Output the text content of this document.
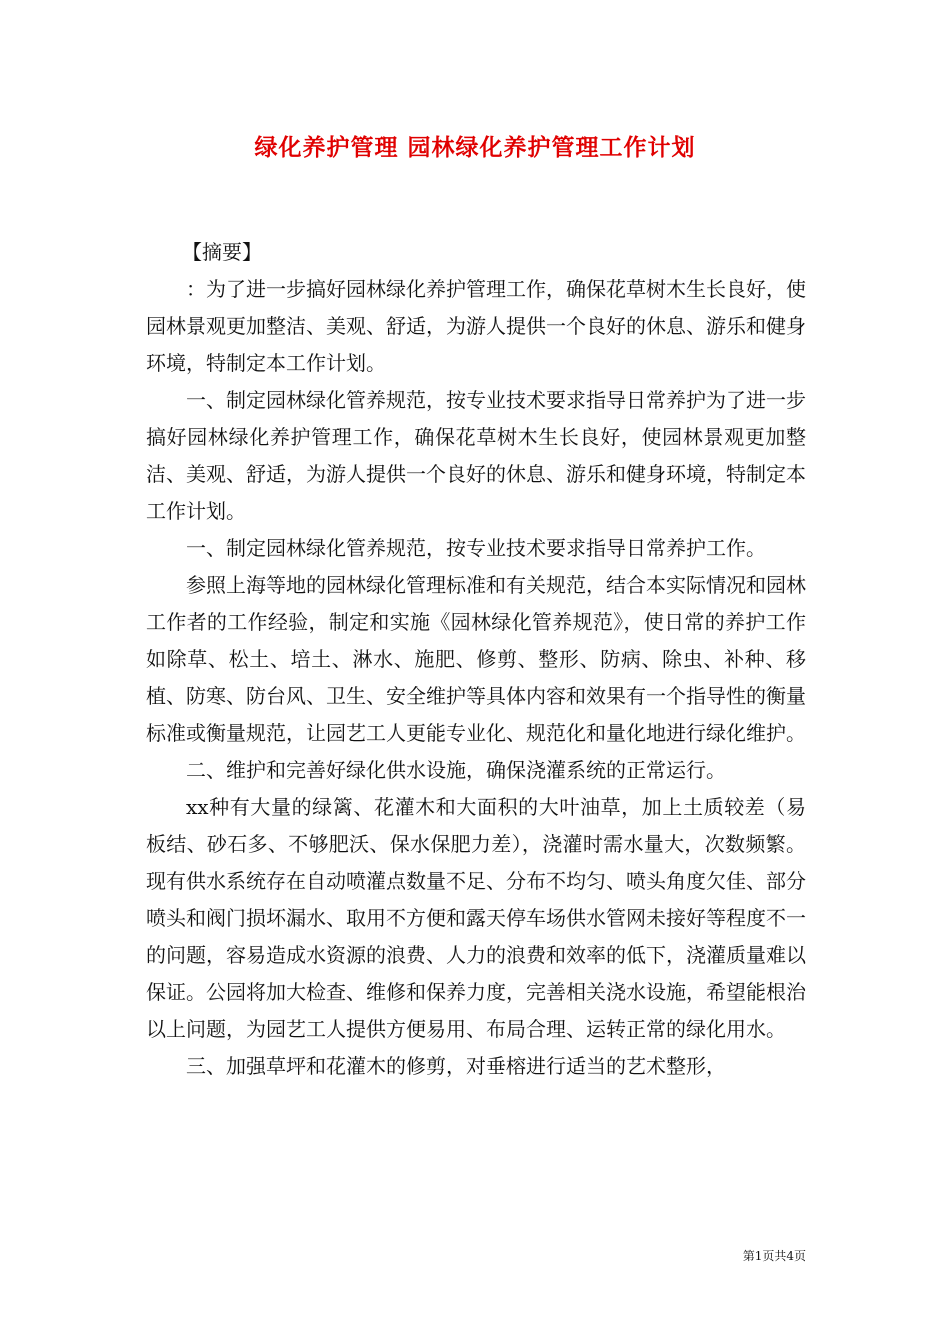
绿化养护管理 园林绿化养护管理工作计划

【摘要】

：为了进一步搞好园林绿化养护管理工作，确保花草树木生长良好，使园林景观更加整洁、美观、舒适，为游人提供一个良好的休息、游乐和健身环境，特制定本工作计划。

一、制定园林绿化管养规范，按专业技术要求指导日常养护为了进一步搞好园林绿化养护管理工作，确保花草树木生长良好，使园林景观更加整洁、美观、舒适，为游人提供一个良好的休息、游乐和健身环境，特制定本工作计划。

一、制定园林绿化管养规范，按专业技术要求指导日常养护工作。

参照上海等地的园林绿化管理标准和有关规范，结合本实际情况和园林工作者的工作经验，制定和实施《园林绿化管养规范》，使日常的养护工作如除草、松土、培土、淋水、施肥、修剪、整形、防病、除虫、补种、移植、防寒、防台风、卫生、安全维护等具体内容和效果有一个指导性的衡量标准或衡量规范，让园艺工人更能专业化、规范化和量化地进行绿化维护。

二、维护和完善好绿化供水设施，确保浇灌系统的正常运行。

xx种有大量的绿篱、花灌木和大面积的大叶油草，加上土质较差（易板结、砂石多、不够肥沃、保水保肥力差），浇灌时需水量大，次数频繁。现有供水系统存在自动喷灌点数量不足、分布不均匀、喷头角度欠佳、部分喷头和阀门损坏漏水、取用不方便和露天停车场供水管网未接好等程度不一的问题，容易造成水资源的浪费、人力的浪费和效率的低下，浇灌质量难以保证。公园将加大检查、维修和保养力度，完善相关浇水设施，希望能根治以上问题，为园艺工人提供方便易用、布局合理、运转正常的绿化用水。

三、加强草坪和花灌木的修剪，对垂榕进行适当的艺术整形，

第1页共4页
